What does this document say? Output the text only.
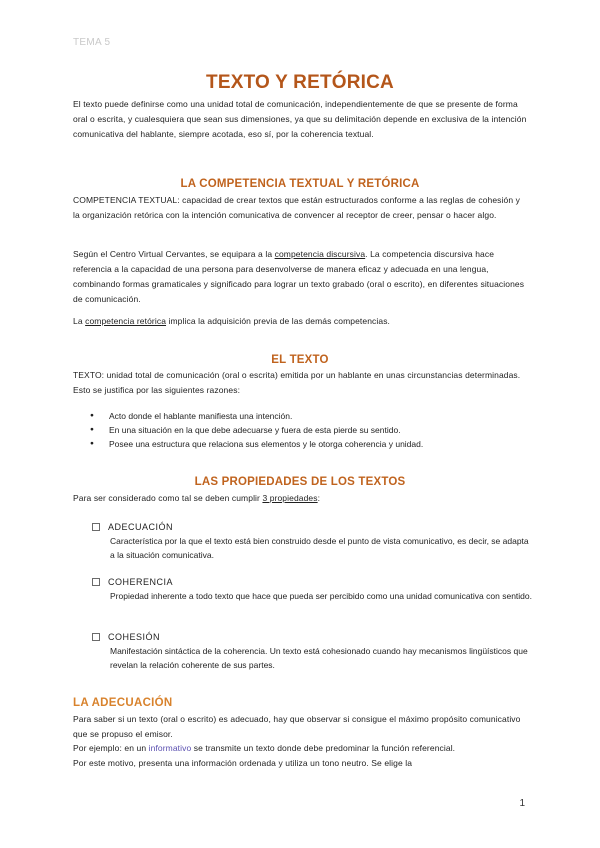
TEMA 5
TEXTO Y RETÓRICA
El texto puede definirse como una unidad total de comunicación, independientemente de que se presente de forma oral o escrita, y cualesquiera que sean sus dimensiones, ya que su delimitación depende en exclusiva de la intención comunicativa del hablante, siempre acotada, eso sí, por la coherencia textual.
LA COMPETENCIA TEXTUAL Y RETÓRICA
COMPETENCIA TEXTUAL: capacidad de crear textos que están estructurados conforme a las reglas de cohesión y la organización retórica con la intención comunicativa de convencer al receptor de creer, pensar o hacer algo.
Según el Centro Virtual Cervantes, se equipara a la competencia discursiva. La competencia discursiva hace referencia a la capacidad de una persona para desenvolverse de manera eficaz y adecuada en una lengua, combinando formas gramaticales y significado para lograr un texto grabado (oral o escrito), en diferentes situaciones de comunicación.
La competencia retórica implica la adquisición previa de las demás competencias.
EL TEXTO
TEXTO: unidad total de comunicación (oral o escrita) emitida por un hablante en unas circunstancias determinadas. Esto se justifica por las siguientes razones:
● Acto donde el hablante manifiesta una intención.
● En una situación en la que debe adecuarse y fuera de esta pierde su sentido.
● Posee una estructura que relaciona sus elementos y le otorga coherencia y unidad.
LAS PROPIEDADES DE LOS TEXTOS
Para ser considerado como tal se deben cumplir 3 propiedades:
ADECUACIÓN
Característica por la que el texto está bien construido desde el punto de vista comunicativo, es decir, se adapta a la situación comunicativa.
COHERENCIA
Propiedad inherente a todo texto que hace que pueda ser percibido como una unidad comunicativa con sentido.
COHESIÓN
Manifestación sintáctica de la coherencia. Un texto está cohesionado cuando hay mecanismos lingüísticos que revelan la relación coherente de sus partes.
LA ADECUACIÓN
Para saber si un texto (oral o escrito) es adecuado, hay que observar si consigue el máximo propósito comunicativo que se propuso el emisor.
Por ejemplo: en un informativo se transmite un texto donde debe predominar la función referencial.
Por este motivo, presenta una información ordenada y utiliza un tono neutro. Se elige la
1
